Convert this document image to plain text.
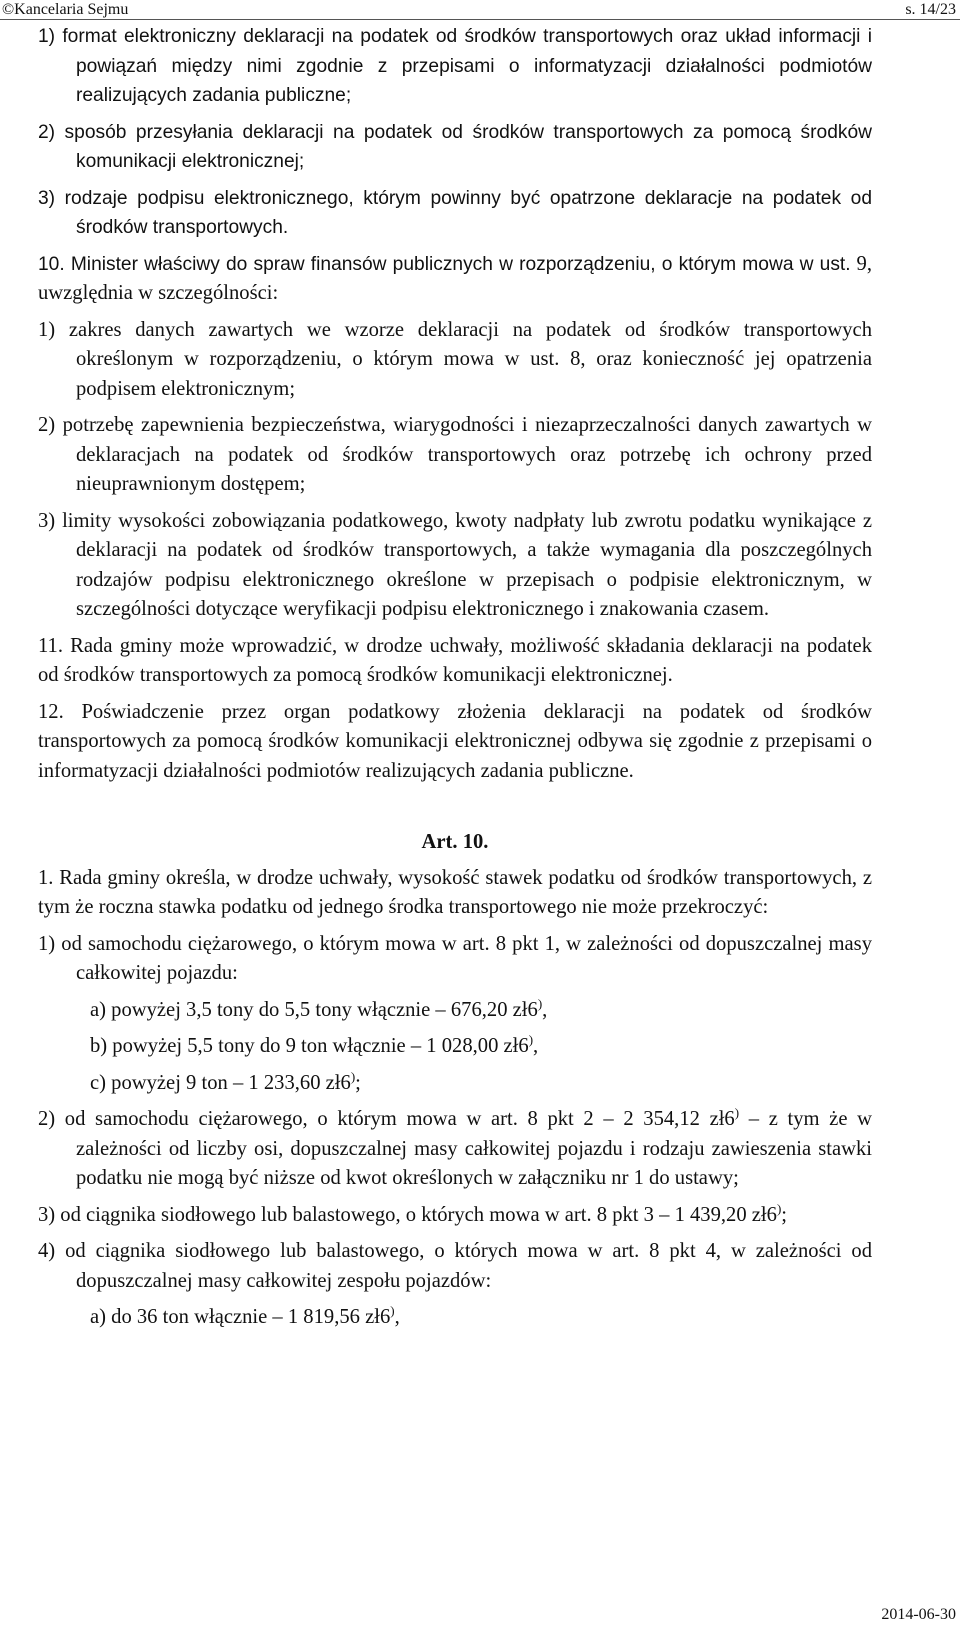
©Kancelaria Sejmu	s. 14/23

1) format elektroniczny deklaracji na podatek od środków transportowych oraz układ informacji i powiązań między nimi zgodnie z przepisami o informatyzacji działalności podmiotów realizujących zadania publiczne;

2) sposób przesyłania deklaracji na podatek od środków transportowych za pomocą środków komunikacji elektronicznej;

3) rodzaje podpisu elektronicznego, którym powinny być opatrzone deklaracje na podatek od środków transportowych.

10. Minister właściwy do spraw finansów publicznych w rozporządzeniu, o którym mowa w ust. 9, uwzględnia w szczególności:

1) zakres danych zawartych we wzorze deklaracji na podatek od środków transportowych określonym w rozporządzeniu, o którym mowa w ust. 8, oraz konieczność jej opatrzenia podpisem elektronicznym;

2) potrzebę zapewnienia bezpieczeństwa, wiarygodności i niezaprzeczalności danych zawartych w deklaracjach na podatek od środków transportowych oraz potrzebę ich ochrony przed nieuprawnionym dostępem;

3) limity wysokości zobowiązania podatkowego, kwoty nadpłaty lub zwrotu podatku wynikające z deklaracji na podatek od środków transportowych, a także wymagania dla poszczególnych rodzajów podpisu elektronicznego określone w przepisach o podpisie elektronicznym, w szczególności dotyczące weryfikacji podpisu elektronicznego i znakowania czasem.

11. Rada gminy może wprowadzić, w drodze uchwały, możliwość składania deklaracji na podatek od środków transportowych za pomocą środków komunikacji elektronicznej.

12. Poświadczenie przez organ podatkowy złożenia deklaracji na podatek od środków transportowych za pomocą środków komunikacji elektronicznej odbywa się zgodnie z przepisami o informatyzacji działalności podmiotów realizujących zadania publiczne.

Art. 10.

1. Rada gminy określa, w drodze uchwały, wysokość stawek podatku od środków transportowych, z tym że roczna stawka podatku od jednego środka transportowego nie może przekroczyć:

1) od samochodu ciężarowego, o którym mowa w art. 8 pkt 1, w zależności od dopuszczalnej masy całkowitej pojazdu:

a) powyżej 3,5 tony do 5,5 tony włącznie – 676,20 zł6),

b) powyżej 5,5 tony do 9 ton włącznie – 1 028,00 zł6),

c) powyżej 9 ton – 1 233,60 zł6);

2) od samochodu ciężarowego, o którym mowa w art. 8 pkt 2 – 2 354,12 zł6) – z tym że w zależności od liczby osi, dopuszczalnej masy całkowitej pojazdu i rodzaju zawieszenia stawki podatku nie mogą być niższe od kwot określonych w załączniku nr 1 do ustawy;

3) od ciągnika siodłowego lub balastowego, o których mowa w art. 8 pkt 3 – 1 439,20 zł6);

4) od ciągnika siodłowego lub balastowego, o których mowa w art. 8 pkt 4, w zależności od dopuszczalnej masy całkowitej zespołu pojazdów:

a) do 36 ton włącznie – 1 819,56 zł6),

2014-06-30
